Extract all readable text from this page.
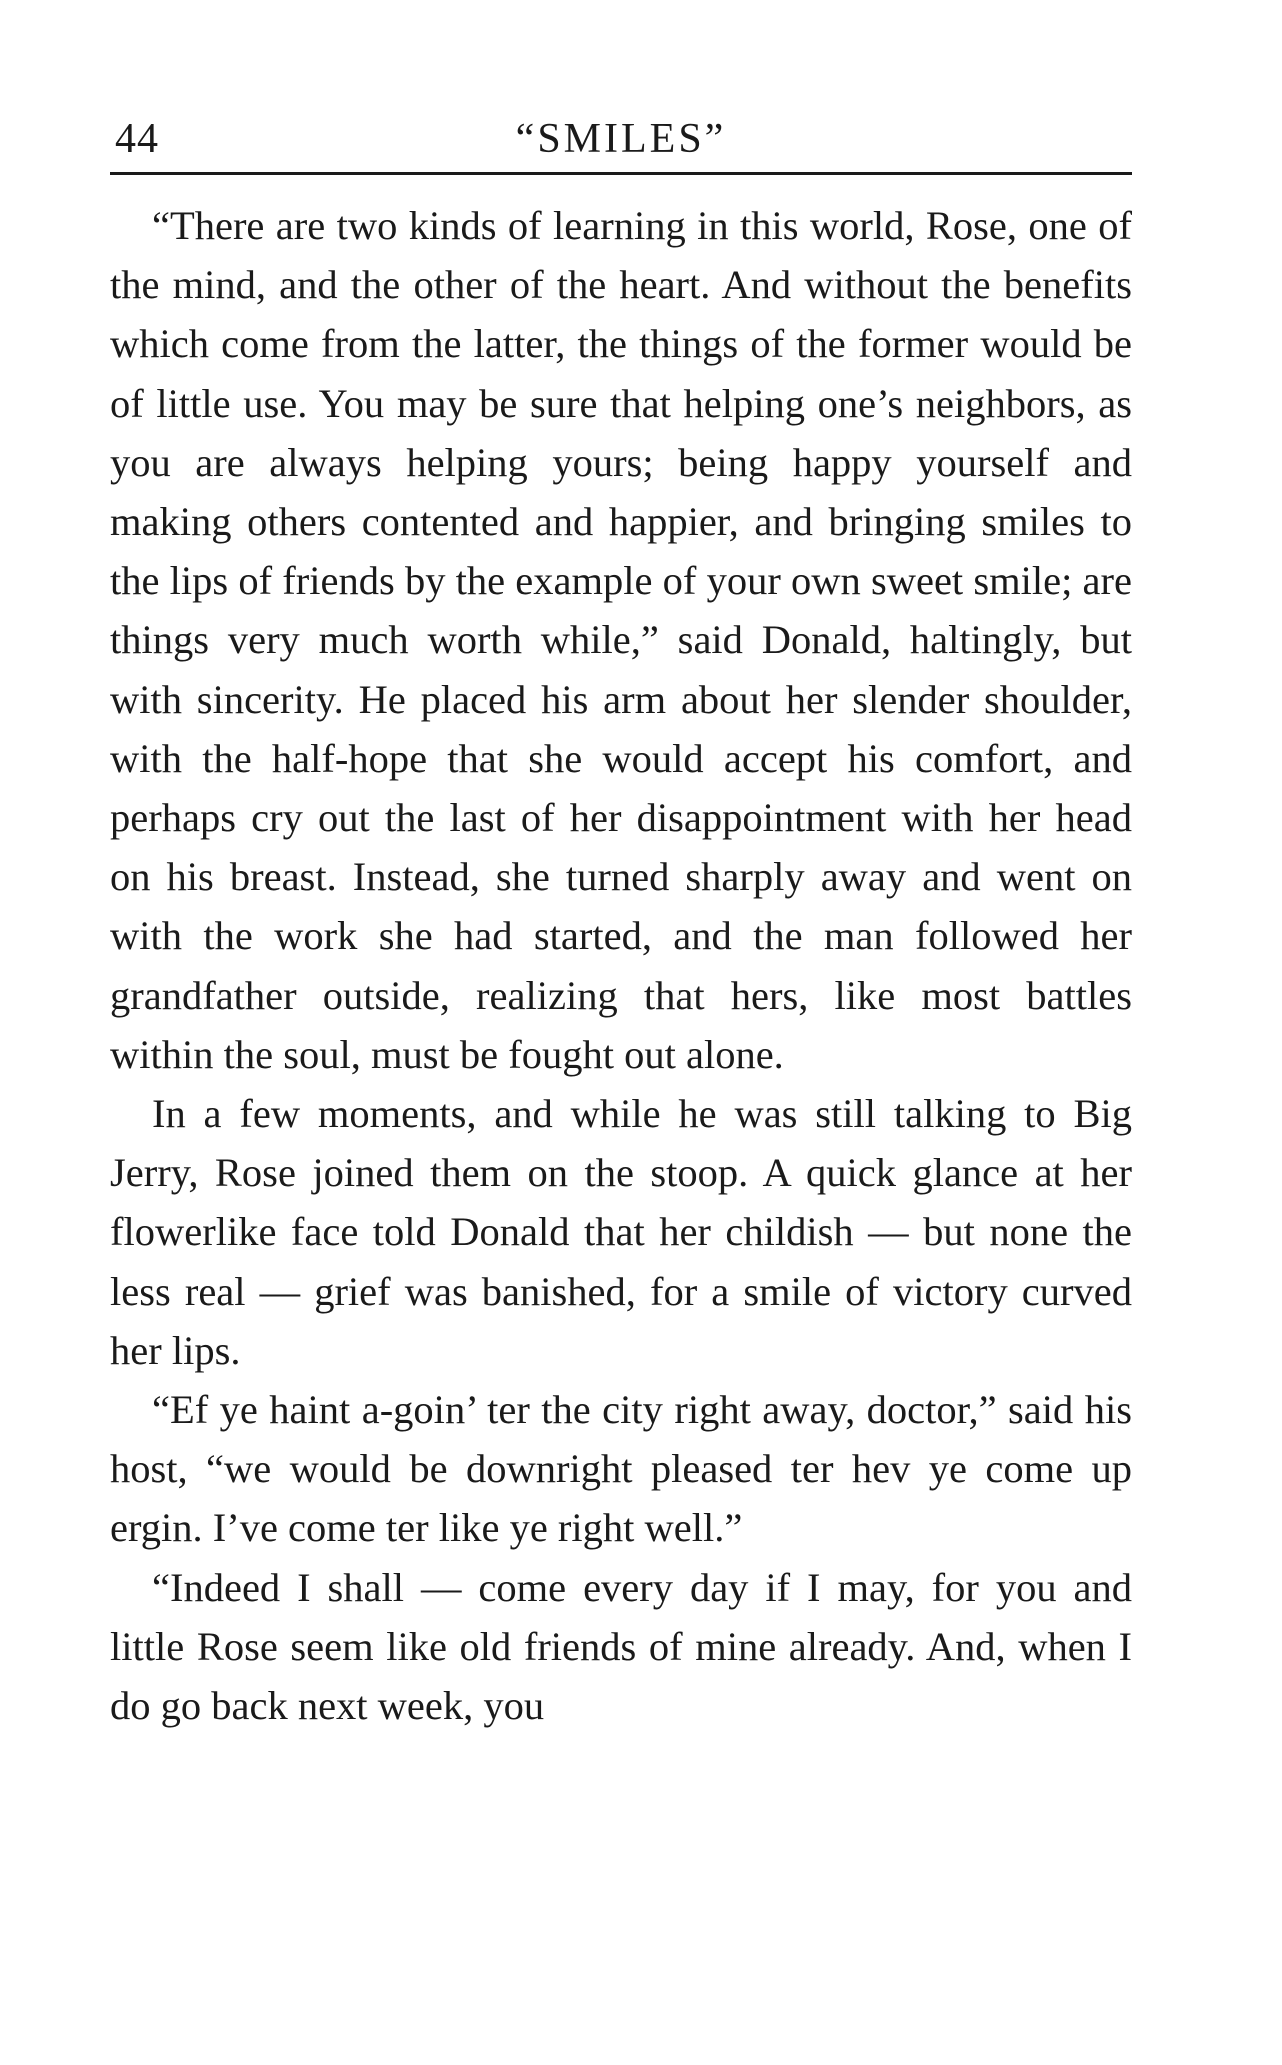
44	“SMILES”

“There are two kinds of learning in this world, Rose, one of the mind, and the other of the heart. And without the benefits which come from the latter, the things of the former would be of little use. You may be sure that helping one’s neighbors, as you are always helping yours; being happy yourself and making others contented and happier, and bringing smiles to the lips of friends by the example of your own sweet smile; are things very much worth while,” said Donald, haltingly, but with sincerity. He placed his arm about her slender shoulder, with the half-hope that she would accept his comfort, and perhaps cry out the last of her disappointment with her head on his breast. Instead, she turned sharply away and went on with the work she had started, and the man followed her grandfather outside, realizing that hers, like most battles within the soul, must be fought out alone.

In a few moments, and while he was still talking to Big Jerry, Rose joined them on the stoop. A quick glance at her flowerlike face told Donald that her childish — but none the less real — grief was banished, for a smile of victory curved her lips.

“Ef ye haint a-goin’ ter the city right away, doctor,” said his host, “we would be downright pleased ter hev ye come up ergin. I’ve come ter like ye right well.”

“Indeed I shall — come every day if I may, for you and little Rose seem like old friends of mine already. And, when I do go back next week, you
